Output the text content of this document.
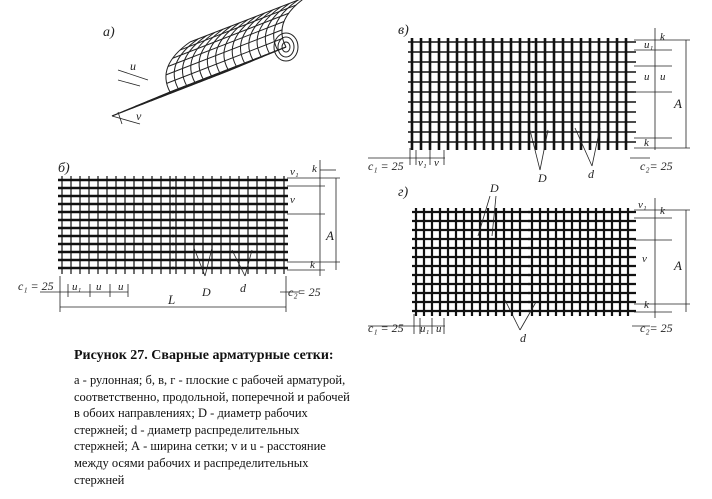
а)
u
v
б)	v₁
v
k
A
k
c₁ = 25 u₁ u u	D d	c₂= 25
L
в)
u₁
k
u u
A
k
c₁ = 25 v₁ v
D	d
c₂= 25
г)	D
v₁ k
v A
k
c₁ = 25 u₁ u
d
c₂= 25
Рисунок 27. Сварные арматурные сетки:
а - рулонная; б, в, г - плоские с рабочей арматурой,
соответственно, продольной, поперечной и рабочей
в обоих направлениях; D - диаметр рабочих
стержней; d - диаметр распределительных
стержней; А - ширина сетки; v и u - расстояние
между осями рабочих и распределительных
стержней
